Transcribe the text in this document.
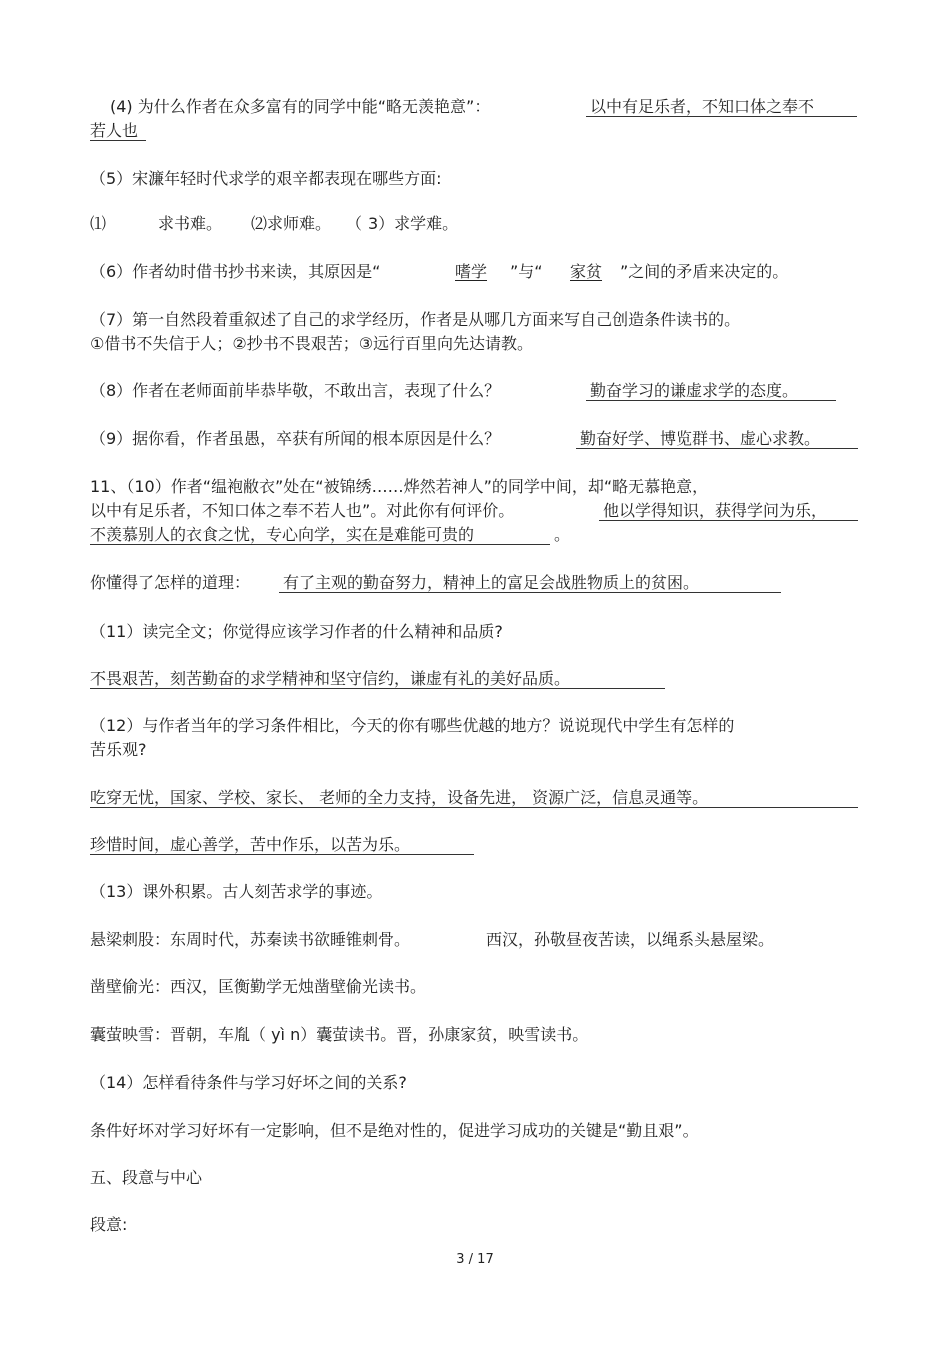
(4) 为什么作者在众多富有的同学中能“略无羡艳意”：	以中有足乐者，不知口体之奉不
若人也
（5）宋濂年轻时代求学的艰辛都表现在哪些方面:
⑴	求书难。 ⑵求师难。 （ 3）求学难。
（6）作者幼时借书抄书来读，其原因是“	嗜学 ”与“ 家贫 ”之间的矛盾来决定的。
（7）第一自然段着重叙述了自己的求学经历，作者是从哪几方面来写自己创造条件读书的。
①借书不失信于人；②抄书不畏艰苦；③远行百里向先达请教。
（8）作者在老师面前毕恭毕敬，不敢出言，表现了什么？	勤奋学习的谦虚求学的态度。
（9）据你看，作者虽愚，卒获有所闻的根本原因是什么？	勤奋好学、博览群书、虚心求教。
11、（10）作者“缊袍敝衣”处在“被锦绣……烨然若神人”的同学中间，却“略无慕艳意，
以中有足乐者，不知口体之奉不若人也”。对此你有何评价。	他以学得知识，获得学问为乐，
不羡慕别人的衣食之忧，专心向学，实在是难能可贵的	。
你懂得了怎样的道理： 有了主观的勤奋努力，精神上的富足会战胜物质上的贫困。
（11）读完全文；你觉得应该学习作者的什么精神和品质?
不畏艰苦，刻苦勤奋的求学精神和坚守信约，谦虚有礼的美好品质。
（12）与作者当年的学习条件相比，今天的你有哪些优越的地方？说说现代中学生有怎样的
苦乐观?
吃穿无忧，国家、学校、家长、 老师的全力支持，设备先进， 资源广泛，信息灵通等。
珍惜时间，虚心善学，苦中作乐，以苦为乐。
（13）课外积累。古人刻苦求学的事迹。
悬梁刺股：东周时代，苏秦读书欲睡锥刺骨。	西汉，孙敬昼夜苦读，以绳系头悬屋梁。
凿壁偷光：西汉，匡衡勤学无烛凿壁偷光读书。
囊萤映雪：晋朝，车胤（ yì n）囊萤读书。晋，孙康家贫，映雪读书。
（14）怎样看待条件与学习好坏之间的关系?
条件好坏对学习好坏有一定影响，但不是绝对性的，促进学习成功的关键是“勤且艰”。
五、段意与中心
段意:
3 / 17
